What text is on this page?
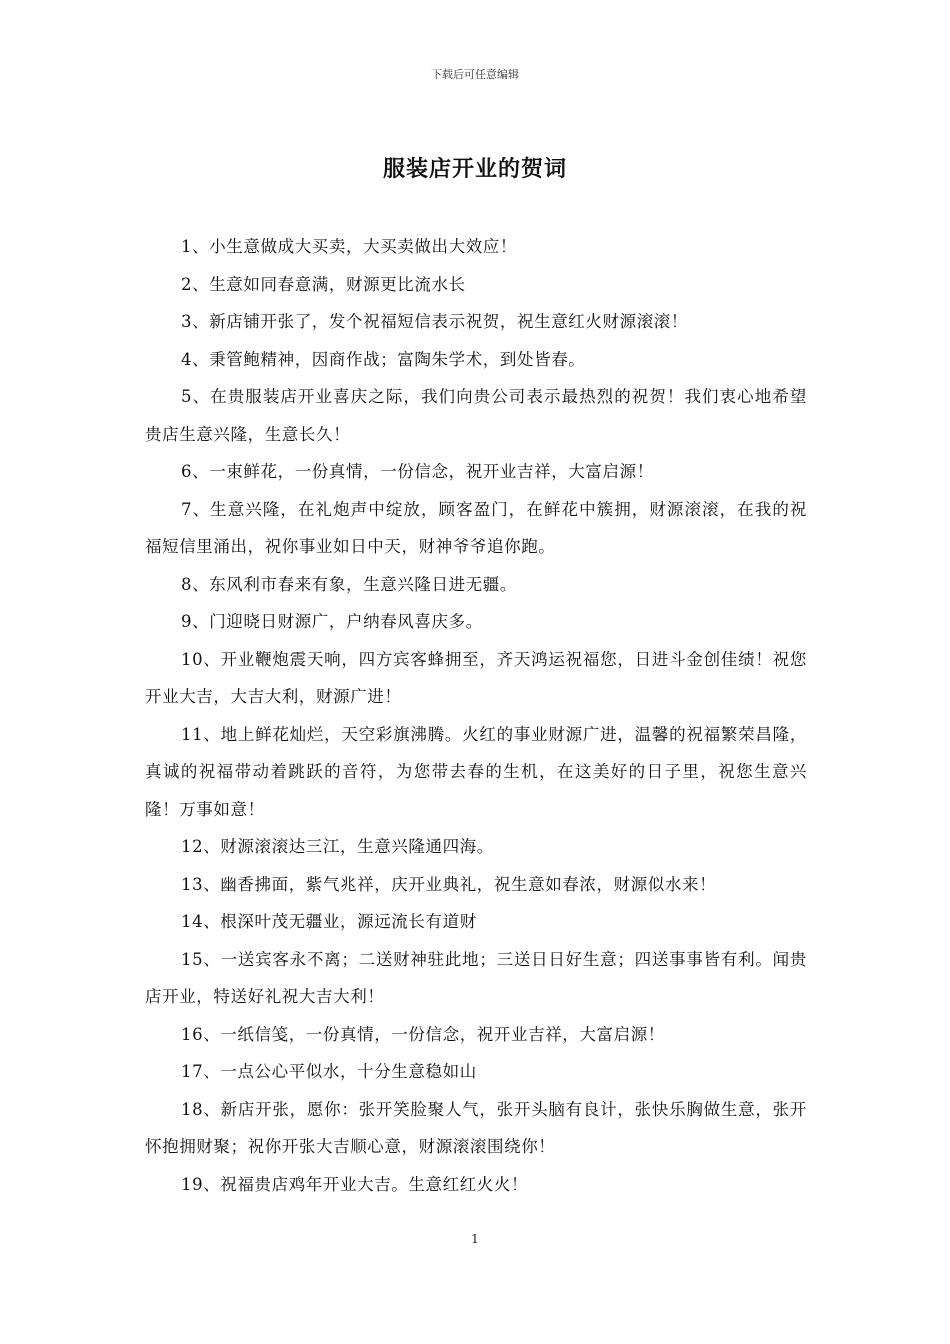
下载后可任意编辑
服装店开业的贺词

1、小生意做成大买卖，大买卖做出大效应！

2、生意如同春意满，财源更比流水长

3、新店铺开张了，发个祝福短信表示祝贺，祝生意红火财源滚滚！

4、秉管鲍精神，因商作战；富陶朱学术，到处皆春。

5、在贵服装店开业喜庆之际，我们向贵公司表示最热烈的祝贺！我们衷心地希望贵店生意兴隆，生意长久！

6、一束鲜花，一份真情，一份信念，祝开业吉祥，大富启源！

7、生意兴隆，在礼炮声中绽放，顾客盈门，在鲜花中簇拥，财源滚滚，在我的祝福短信里涌出，祝你事业如日中天，财神爷爷追你跑。

8、东风利市春来有象，生意兴隆日进无疆。

9、门迎晓日财源广，户纳春风喜庆多。

10、开业鞭炮震天响，四方宾客蜂拥至，齐天鸿运祝福您，日进斗金创佳绩！祝您开业大吉，大吉大利，财源广进！

11、地上鲜花灿烂，天空彩旗沸腾。火红的事业财源广进，温馨的祝福繁荣昌隆，真诚的祝福带动着跳跃的音符，为您带去春的生机，在这美好的日子里，祝您生意兴隆！万事如意！

12、财源滚滚达三江，生意兴隆通四海。

13、幽香拂面，紫气兆祥，庆开业典礼，祝生意如春浓，财源似水来！

14、根深叶茂无疆业，源远流长有道财

15、一送宾客永不离；二送财神驻此地；三送日日好生意；四送事事皆有利。闻贵店开业，特送好礼祝大吉大利！

16、一纸信笺，一份真情，一份信念，祝开业吉祥，大富启源！

17、一点公心平似水，十分生意稳如山

18、新店开张，愿你：张开笑脸聚人气，张开头脑有良计，张快乐胸做生意，张开怀抱拥财聚；祝你开张大吉顺心意，财源滚滚围绕你！

19、祝福贵店鸡年开业大吉。生意红红火火！

1
